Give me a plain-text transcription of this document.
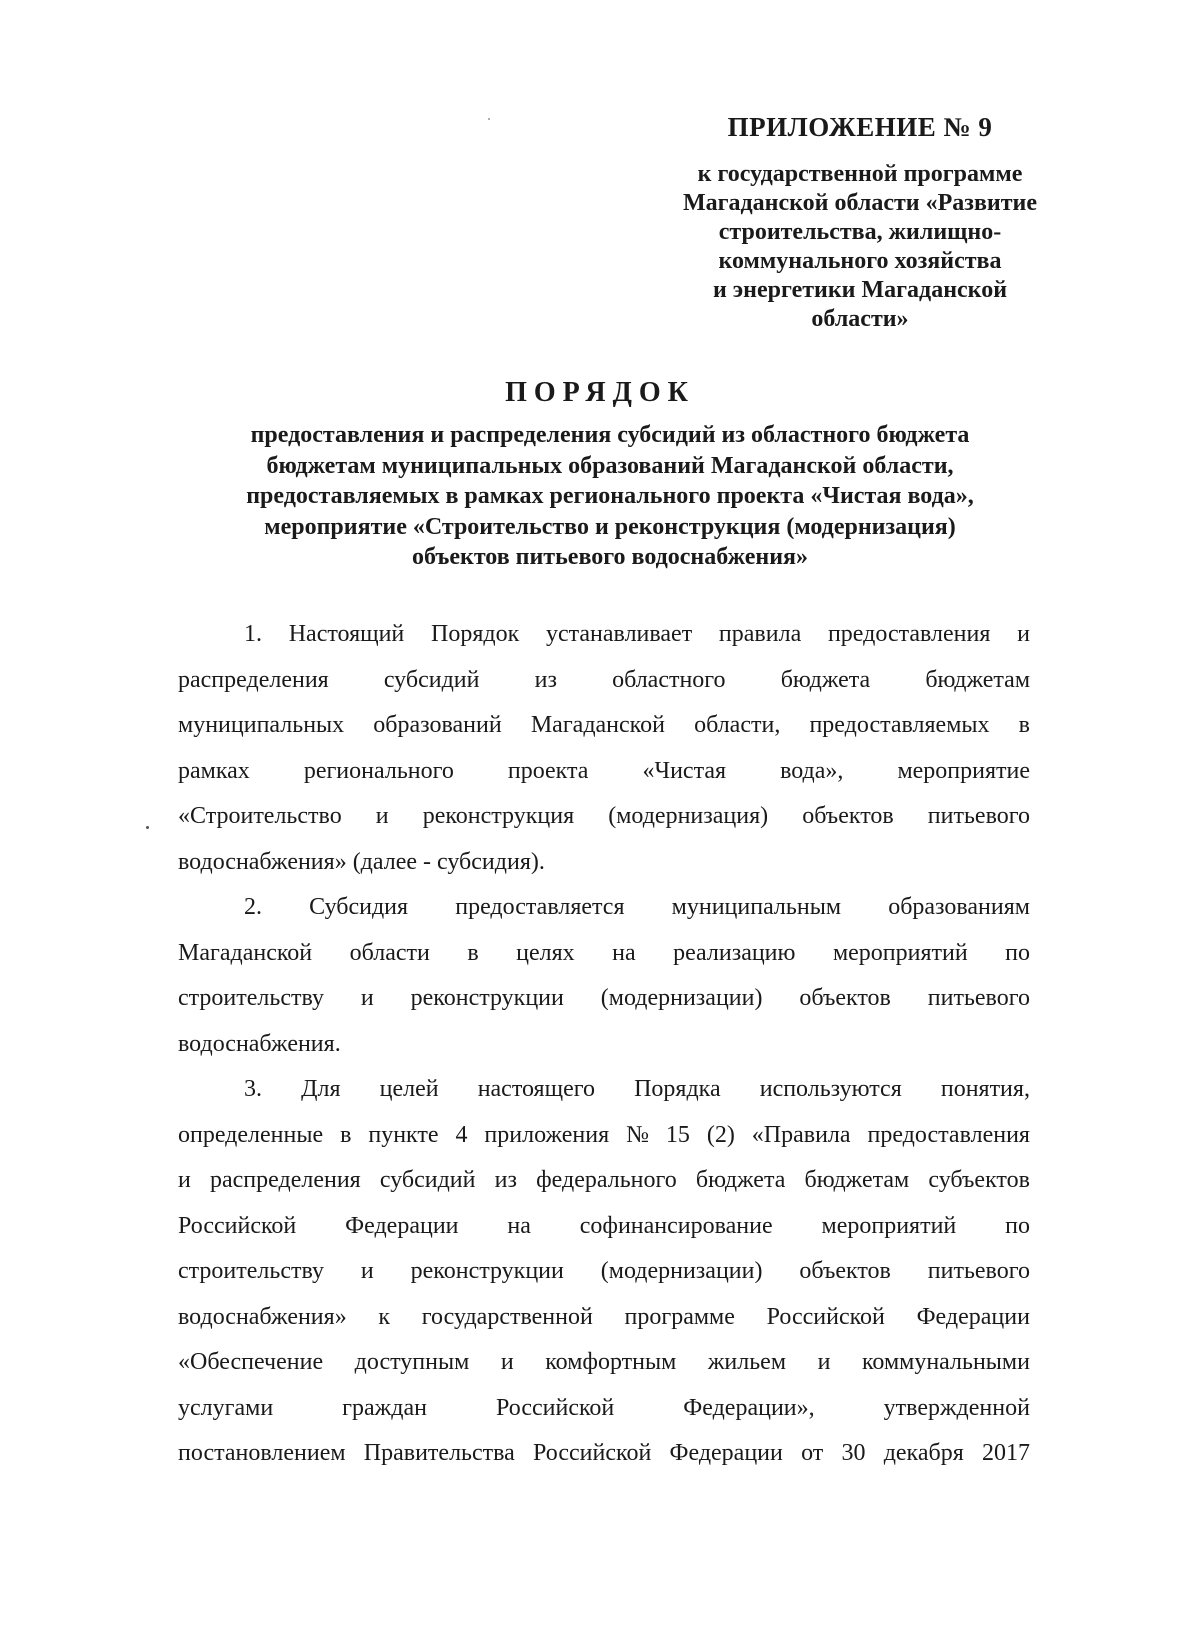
ПРИЛОЖЕНИЕ № 9

к государственной программе
Магаданской области «Развитие
строительства, жилищно-
коммунального хозяйства
и энергетики Магаданской
области»

ПОРЯДОК
предоставления и распределения субсидий из областного бюджета
бюджетам муниципальных образований Магаданской области,
предоставляемых в рамках регионального проекта «Чистая вода»,
мероприятие «Строительство и реконструкция (модернизация)
объектов питьевого водоснабжения»
1. Настоящий Порядок устанавливает правила предоставления и
распределения субсидий из областного бюджета бюджетам
муниципальных образований Магаданской области, предоставляемых в
рамках регионального проекта «Чистая вода», мероприятие
«Строительство и реконструкция (модернизация) объектов питьевого
водоснабжения» (далее - субсидия).
2. Субсидия предоставляется муниципальным образованиям
Магаданской области в целях на реализацию мероприятий по
строительству и реконструкции (модернизации) объектов питьевого
водоснабжения.
3. Для целей настоящего Порядка используются понятия,
определенные в пункте 4 приложения № 15 (2) «Правила предоставления
и распределения субсидий из федерального бюджета бюджетам субъектов
Российской Федерации на софинансирование мероприятий по
строительству и реконструкции (модернизации) объектов питьевого
водоснабжения» к государственной программе Российской Федерации
«Обеспечение доступным и комфортным жильем и коммунальными
услугами	граждан	Российской	Федерации»,	утвержденной
постановлением Правительства Российской Федерации от 30 декабря 2017
